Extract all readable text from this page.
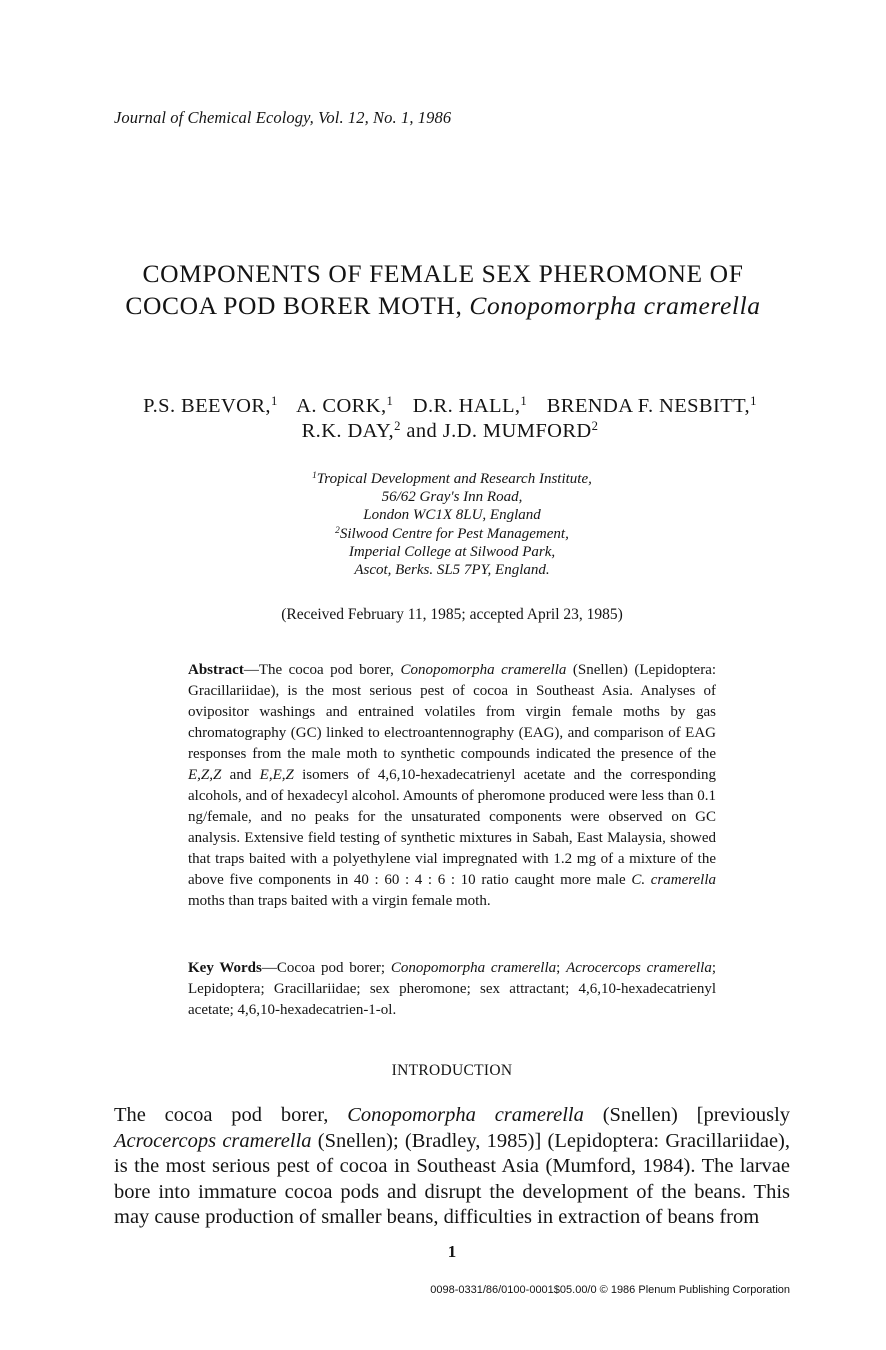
Journal of Chemical Ecology, Vol. 12, No. 1, 1986
COMPONENTS OF FEMALE SEX PHEROMONE OF
COCOA POD BORER MOTH, Conopomorpha cramerella
P.S. BEEVOR,$^1$ A. CORK,$^1$ D.R. HALL,$^1$ BRENDA F. NESBITT,$^1$
R.K. DAY,$^2$ and J.D. MUMFORD$^2$
$^1$Tropical Development and Research Institute,
56/62 Gray's Inn Road,
London WC1X 8LU, England
$^2$Silwood Centre for Pest Management,
Imperial College at Silwood Park,
Ascot, Berks. SL5 7PY, England.
(Received February 11, 1985; accepted April 23, 1985)

Abstract—The cocoa pod borer, Conopomorpha cramerella (Snellen) (Lepidoptera: Gracillariidae), is the most serious pest of cocoa in Southeast Asia. Analyses of ovipositor washings and entrained volatiles from virgin female moths by gas chromatography (GC) linked to electroantennography (EAG), and comparison of EAG responses from the male moth to synthetic compounds indicated the presence of the E,Z,Z and E,E,Z isomers of 4,6,10-hexadecatrienyl acetate and the corresponding alcohols, and of hexadecyl alcohol. Amounts of pheromone produced were less than 0.1 ng/female, and no peaks for the unsaturated components were observed on GC analysis. Extensive field testing of synthetic mixtures in Sabah, East Malaysia, showed that traps baited with a polyethylene vial impregnated with 1.2 mg of a mixture of the above five components in 40 : 60 : 4 : 6 : 10 ratio caught more male C. cramerella moths than traps baited with a virgin female moth.

Key Words—Cocoa pod borer; Conopomorpha cramerella; Acrocercops cramerella; Lepidoptera; Gracillariidae; sex pheromone; sex attractant; 4,6,10-hexadecatrienyl acetate; 4,6,10-hexadecatrien-1-ol.

INTRODUCTION

The cocoa pod borer, Conopomorpha cramerella (Snellen) [previously Acrocercops cramerella (Snellen); (Bradley, 1985)] (Lepidoptera: Gracillariidae), is the most serious pest of cocoa in Southeast Asia (Mumford, 1984). The larvae bore into immature cocoa pods and disrupt the development of the beans. This may cause production of smaller beans, difficulties in extraction of beans from

1
0098-0331/86/0100-0001$05.00/0 © 1986 Plenum Publishing Corporation
